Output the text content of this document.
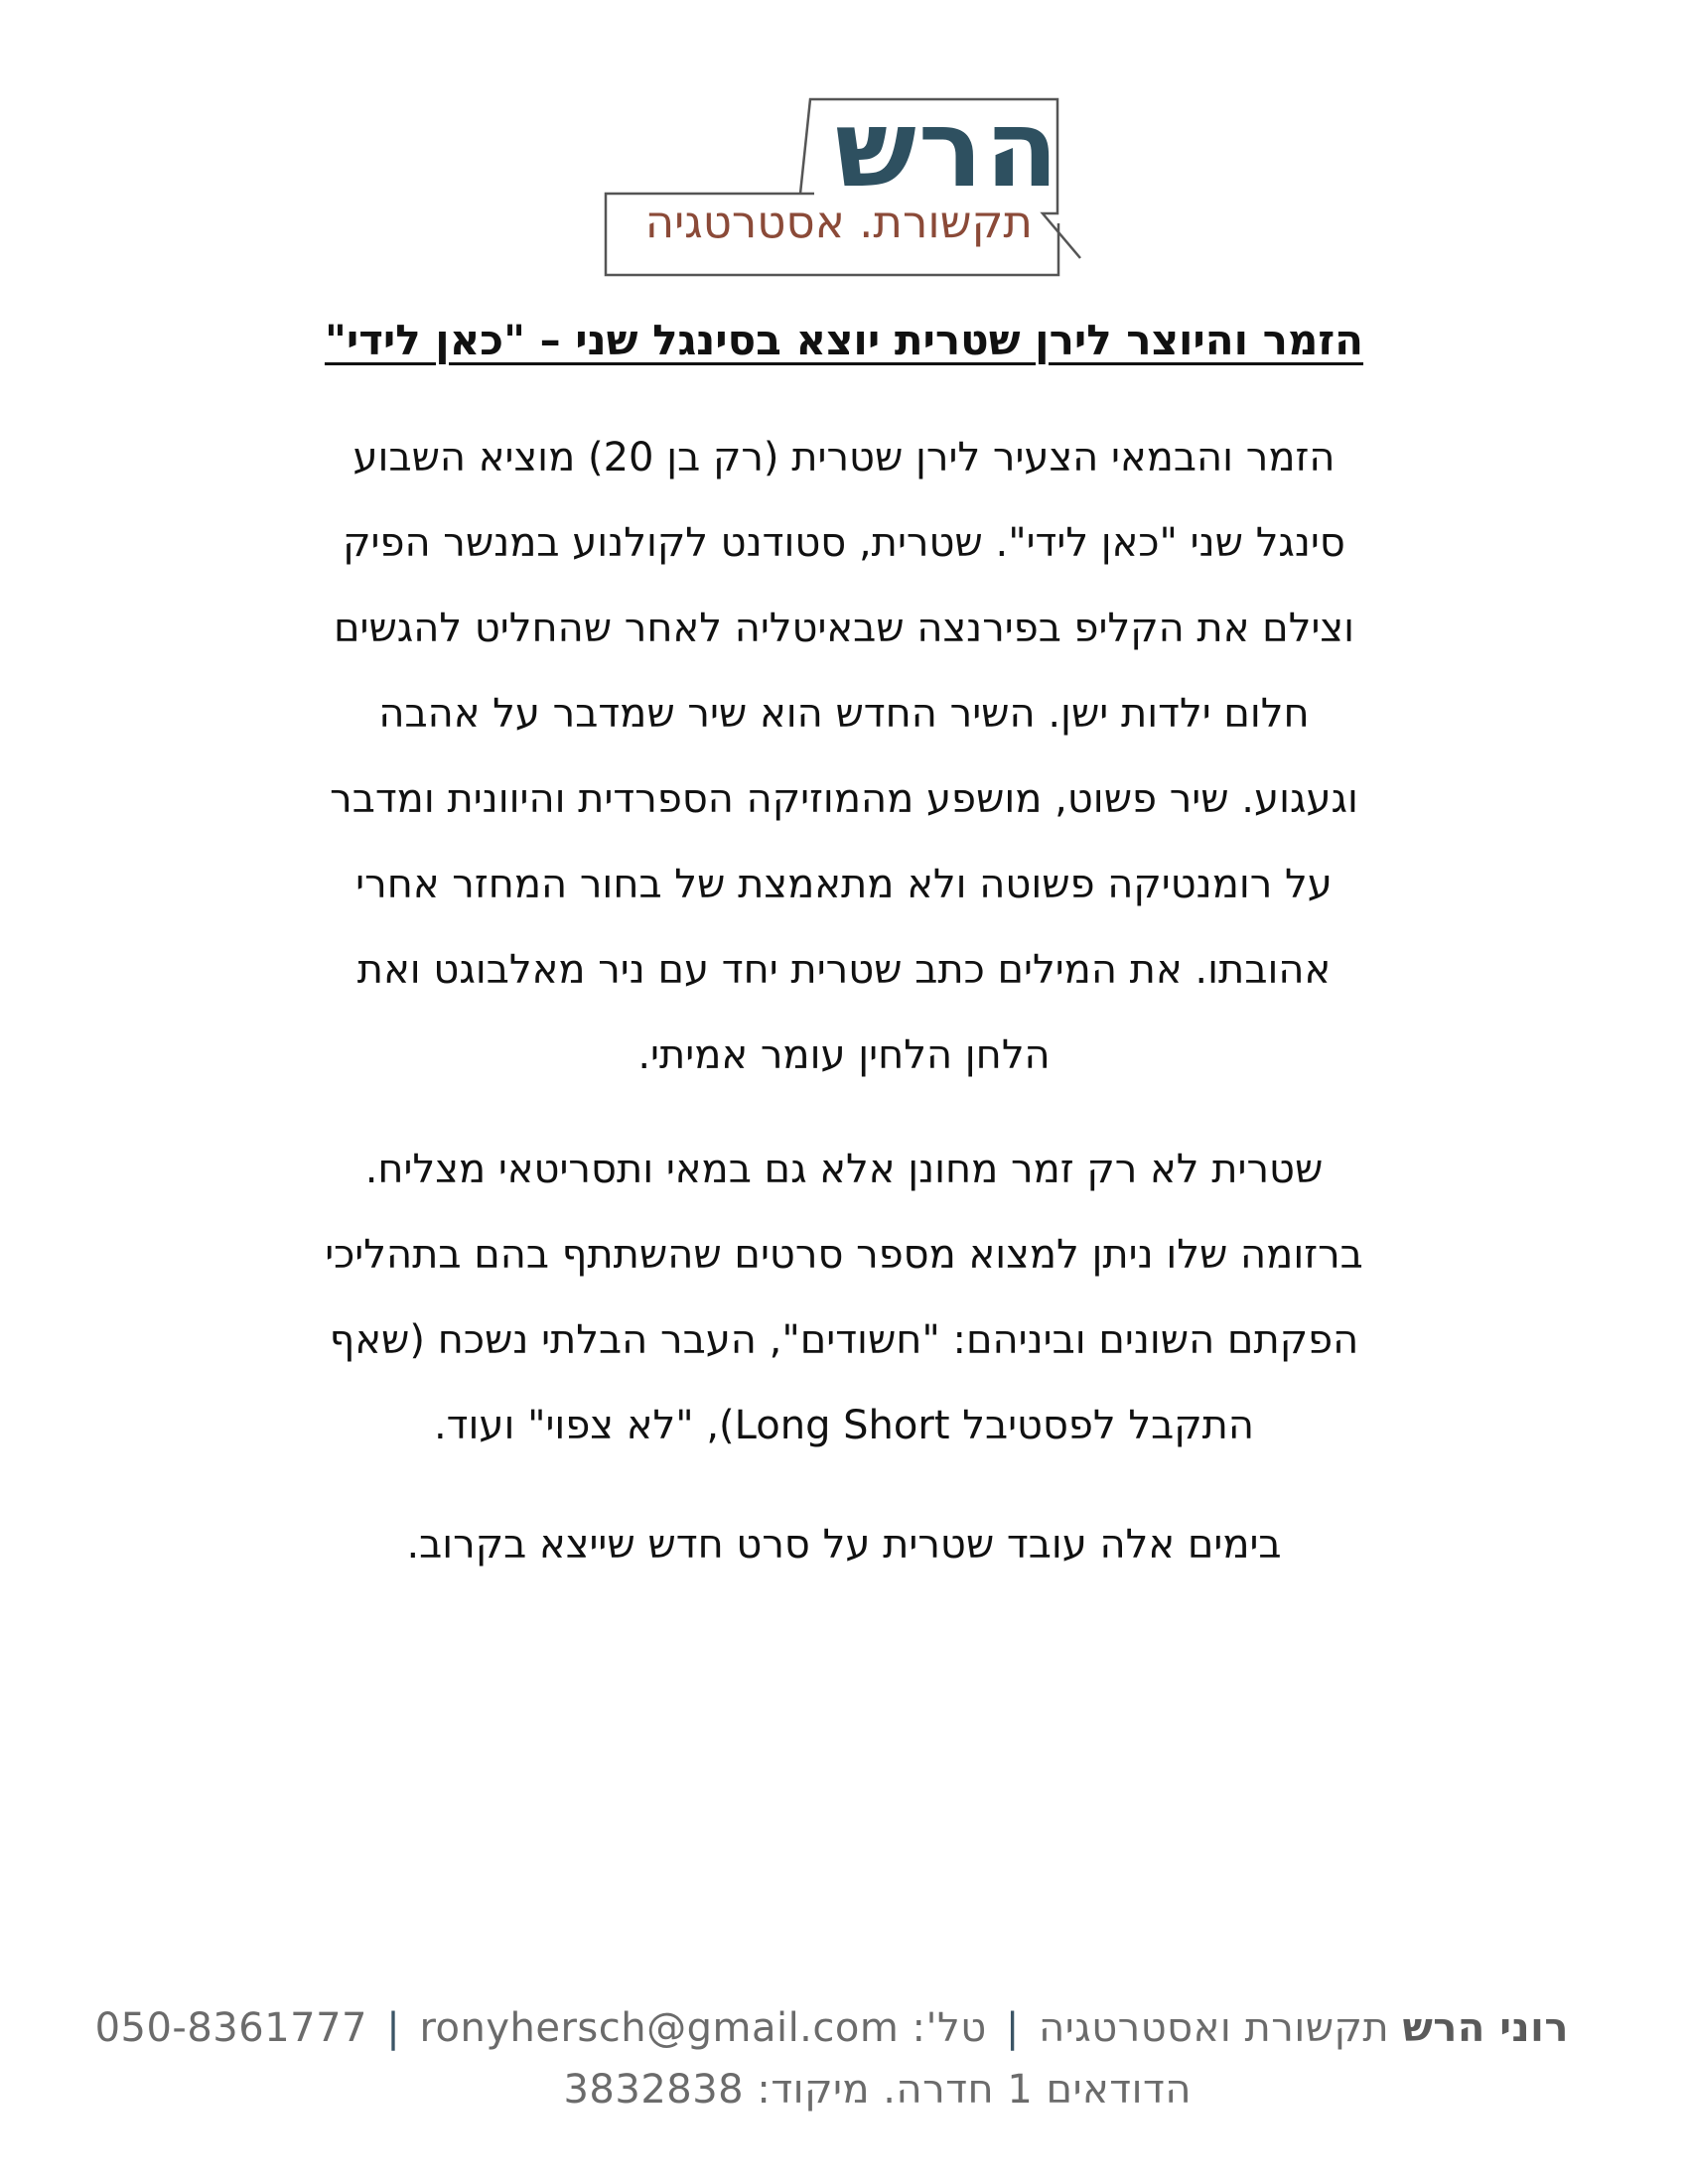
הרש
תקשורת. אסטרטגיה
הזמר והיוצר לירן שטרית יוצא בסינגל שני – "כאן לידי"
הזמר והבמאי הצעיר לירן שטרית (רק בן 20) מוציא השבוע
סינגל שני "כאן לידי". שטרית, סטודנט לקולנוע במנשר הפיק
וצילם את הקליפ בפירנצה שבאיטליה לאחר שהחליט להגשים
חלום ילדות ישן. השיר החדש הוא שיר שמדבר על אהבה
וגעגוע. שיר פשוט, מושפע מהמוזיקה הספרדית והיוונית ומדבר
על רומנטיקה פשוטה ולא מתאמצת של בחור המחזר אחרי
אהובתו. את המילים כתב שטרית יחד עם ניר מאלבוגט ואת
הלחן הלחין עומר אמיתי.
שטרית לא רק זמר מחונן אלא גם במאי ותסריטאי מצליח.
ברזומה שלו ניתן למצוא מספר סרטים שהשתתף בהם בתהליכי
הפקתם השונים וביניהם: "חשודים", העבר הבלתי נשכח (שאף
התקבל לפסטיבל Long Short), "לא צפוי" ועוד.
בימים אלה עובד שטרית על סרט חדש שייצא בקרוב.
רוני הרש תקשורת ואסטרטגיה | טל': 050-8361777 | ronyhersch@gmail.com
הדודאים 1 חדרה. מיקוד: 3832838
